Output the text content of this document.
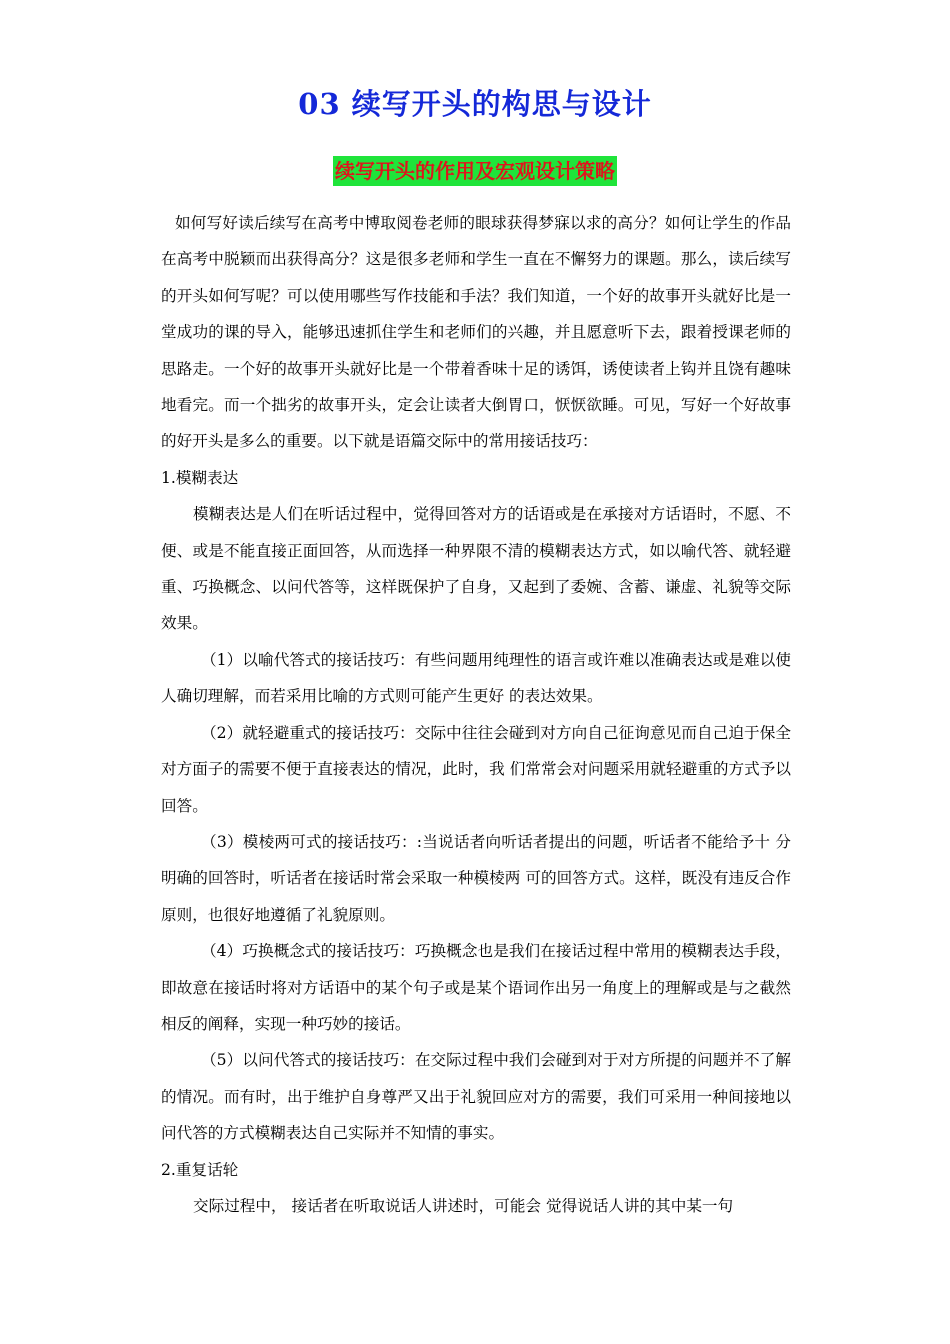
03 续写开头的构思与设计
续写开头的作用及宏观设计策略

如何写好读后续写在高考中博取阅卷老师的眼球获得梦寐以求的高分？如何让学生的作品在高考中脱颖而出获得高分？这是很多老师和学生一直在不懈努力的课题。那么，读后续写的开头如何写呢？可以使用哪些写作技能和手法？我们知道，一个好的故事开头就好比是一堂成功的课的导入，能够迅速抓住学生和老师们的兴趣，并且愿意听下去，跟着授课老师的思路走。一个好的故事开头就好比是一个带着香味十足的诱饵，诱使读者上钩并且饶有趣味地看完。而一个拙劣的故事开头，定会让读者大倒胃口，恹恹欲睡。可见，写好一个好故事的好开头是多么的重要。以下就是语篇交际中的常用接话技巧：

1.模糊表达

模糊表达是人们在听话过程中，觉得回答对方的话语或是在承接对方话语时，不愿、不便、或是不能直接正面回答，从而选择一种界限不清的模糊表达方式，如以喻代答、就轻避重、巧换概念、以问代答等，这样既保护了自身，又起到了委婉、含蓄、谦虚、礼貌等交际 效果。

（1）以喻代答式的接话技巧：有些问题用纯理性的语言或许难以准确表达或是难以使人确切理解，而若采用比喻的方式则可能产生更好 的表达效果。

（2）就轻避重式的接话技巧：交际中往往会碰到对方向自己征询意见而自己迫于保全对方面子的需要不便于直接表达的情况，此时，我 们常常会对问题采用就轻避重的方式予以回答。

（3）模棱两可式的接话技巧：:当说话者向听话者提出的问题，听话者不能给予十 分明确的回答时，听话者在接话时常会采取一种模棱两 可的回答方式。这样，既没有违反合作原则，也很好地遵循了礼貌原则。

（4）巧换概念式的接话技巧：巧换概念也是我们在接话过程中常用的模糊表达手段，即故意在接话时将对方话语中的某个句子或是某个语词作出另一角度上的理解或是与之截然相反的阐释，实现一种巧妙的接话。

（5）以问代答式的接话技巧：在交际过程中我们会碰到对于对方所提的问题并不了解的情况。而有时，出于维护自身尊严又出于礼貌回应对方的需要，我们可采用一种间接地以问代答的方式模糊表达自己实际并不知情的事实。

2.重复话轮

交际过程中， 接话者在听取说话人讲述时，可能会 觉得说话人讲的其中某一句
